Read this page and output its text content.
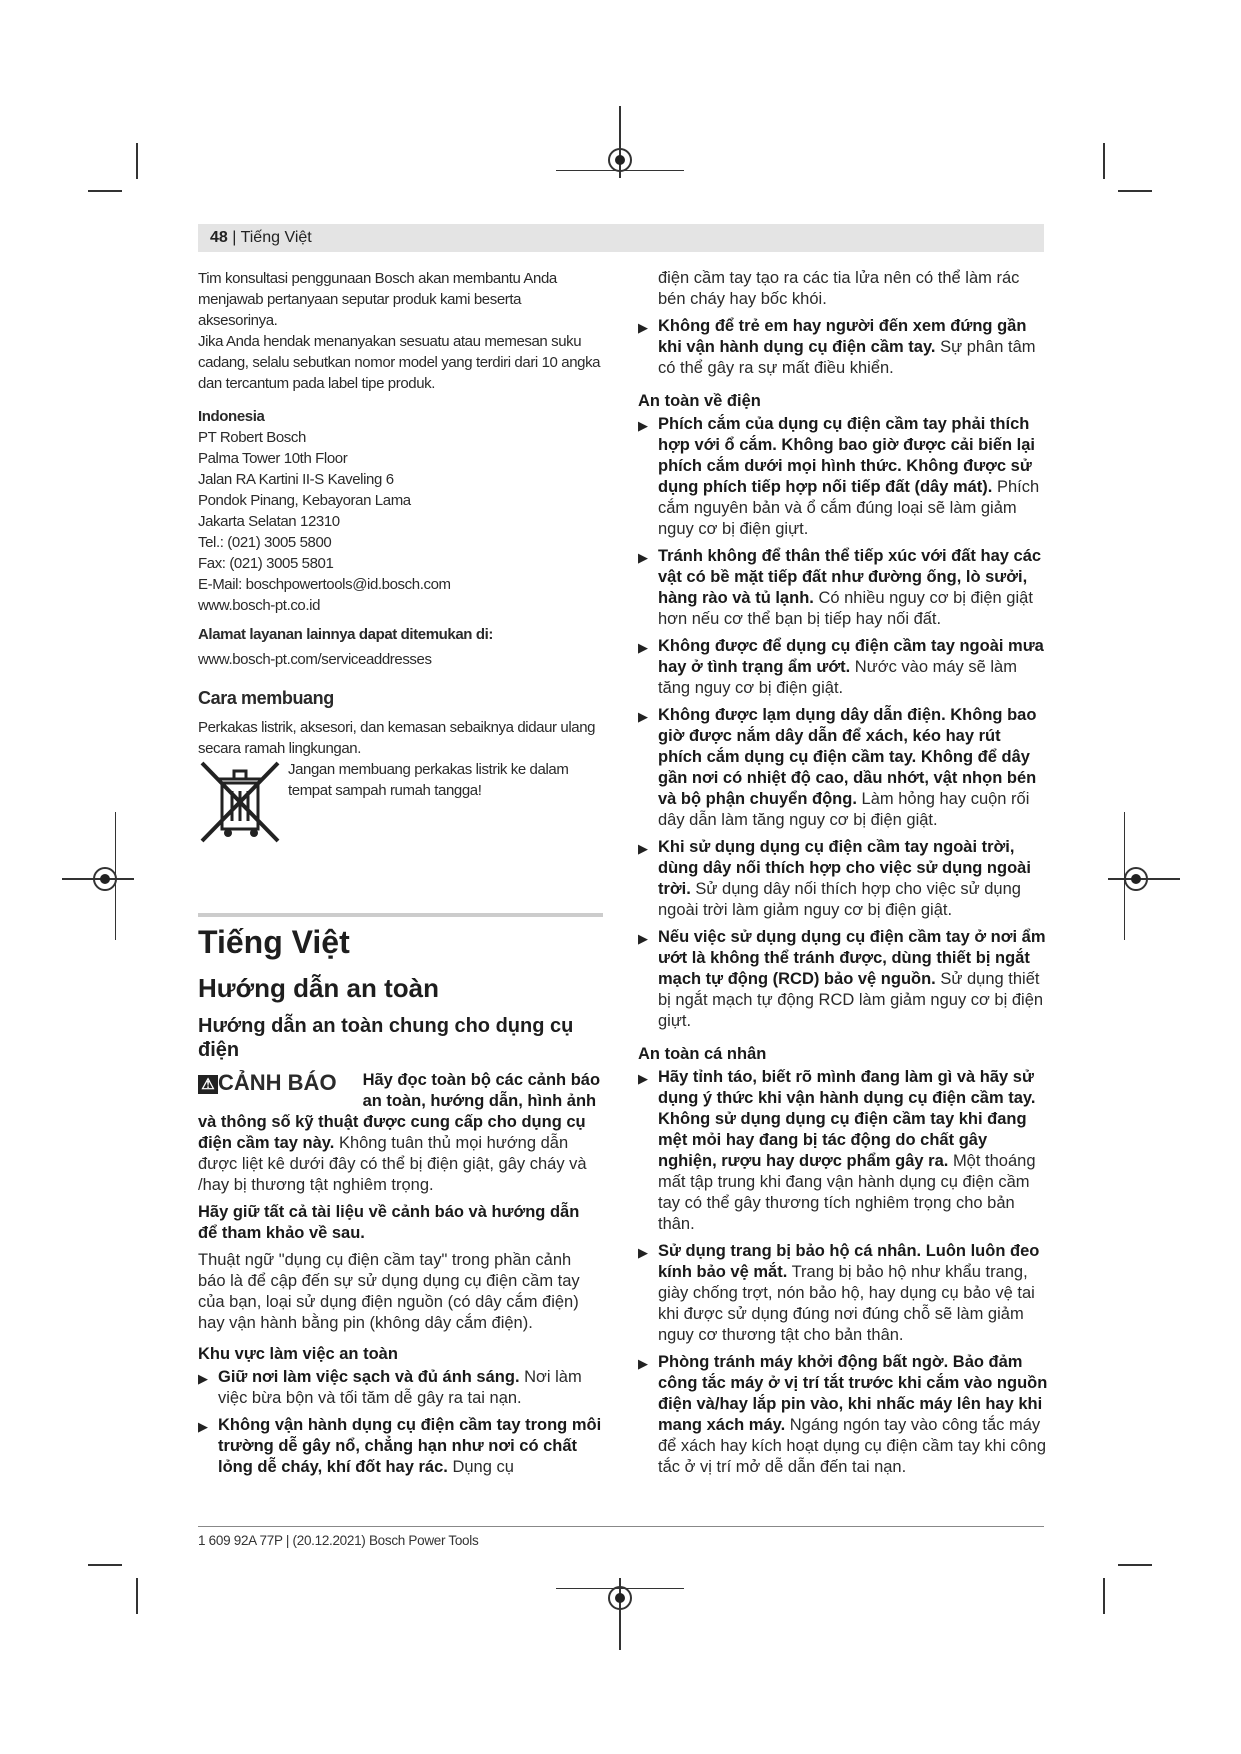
48 | Tiếng Việt

Tim konsultasi penggunaan Bosch akan membantu Anda menjawab pertanyaan seputar produk kami beserta aksesorinya.

Jika Anda hendak menanyakan sesuatu atau memesan suku cadang, selalu sebutkan nomor model yang terdiri dari 10 angka dan tercantum pada label tipe produk.

Indonesia

PT Robert Bosch

Palma Tower 10th Floor

Jalan RA Kartini II-S Kaveling 6

Pondok Pinang, Kebayoran Lama

Jakarta Selatan 12310

Tel.: (021) 3005 5800

Fax: (021) 3005 5801

E-Mail: boschpowertools@id.bosch.com

www.bosch-pt.co.id

Alamat layanan lainnya dapat ditemukan di:

www.bosch-pt.com/serviceaddresses

Cara membuang

Perkakas listrik, aksesori, dan kemasan sebaiknya didaur ulang secara ramah lingkungan.

Jangan membuang perkakas listrik ke dalam tempat sampah rumah tangga!

Tiếng Việt
Hướng dẫn an toàn
Hướng dẫn an toàn chung cho dụng cụ điện
⚠ CẢNH BÁO Hãy đọc toàn bộ các cảnh báo an toàn, hướng dẫn, hình ảnh và thông số kỹ thuật được cung cấp cho dụng cụ điện cầm tay này. Không tuân thủ mọi hướng dẫn được liệt kê dưới đây có thể bị điện giật, gây cháy và /hay bị thương tật nghiêm trọng.

Hãy giữ tất cả tài liệu về cảnh báo và hướng dẫn để tham khảo về sau.

Thuật ngữ "dụng cụ điện cầm tay" trong phần cảnh báo là để cập đến sự sử dụng dụng cụ điện cầm tay của bạn, loại sử dụng điện nguồn (có dây cắm điện) hay vận hành bằng pin (không dây cắm điện).

Khu vực làm việc an toàn
▶ Giữ nơi làm việc sạch và đủ ánh sáng. Nơi làm việc bừa bộn và tối tăm dễ gây ra tai nạn.
▶ Không vận hành dụng cụ điện cầm tay trong môi trường dễ gây nổ, chẳng hạn như nơi có chất lỏng dễ cháy, khí đốt hay rác. Dụng cụ

điện cầm tay tạo ra các tia lửa nên có thể làm rác bén cháy hay bốc khói.

▶ Không để trẻ em hay người đến xem đứng gần khi vận hành dụng cụ điện cầm tay. Sự phân tâm có thể gây ra sự mất điều khiển.
An toàn về điện
▶ Phích cắm của dụng cụ điện cầm tay phải thích hợp với ổ cắm. Không bao giờ được cải biến lại phích cắm dưới mọi hình thức. Không được sử dụng phích tiếp hợp nối tiếp đất (dây mát). Phích cắm nguyên bản và ổ cắm đúng loại sẽ làm giảm nguy cơ bị điện giựt.
▶ Tránh không để thân thể tiếp xúc với đất hay các vật có bề mặt tiếp đất như đường ống, lò sưởi, hàng rào và tủ lạnh. Có nhiều nguy cơ bị điện giật hơn nếu cơ thể bạn bị tiếp hay nối đất.
▶ Không được để dụng cụ điện cầm tay ngoài mưa hay ở tình trạng ẩm ướt. Nước vào máy sẽ làm tăng nguy cơ bị điện giật.
▶ Không được lạm dụng dây dẫn điện. Không bao giờ được nắm dây dẫn để xách, kéo hay rút phích cắm dụng cụ điện cầm tay. Không để dây gần nơi có nhiệt độ cao, dầu nhớt, vật nhọn bén và bộ phận chuyển động. Làm hỏng hay cuộn rối dây dẫn làm tăng nguy cơ bị điện giật.
▶ Khi sử dụng dụng cụ điện cầm tay ngoài trời, dùng dây nối thích hợp cho việc sử dụng ngoài trời. Sử dụng dây nối thích hợp cho việc sử dụng ngoài trời làm giảm nguy cơ bị điện giật.
▶ Nếu việc sử dụng dụng cụ điện cầm tay ở nơi ẩm ướt là không thể tránh được, dùng thiết bị ngắt mạch tự động (RCD) bảo vệ nguồn. Sử dụng thiết bị ngắt mạch tự động RCD làm giảm nguy cơ bị điện giựt.
An toàn cá nhân
▶ Hãy tỉnh táo, biết rõ mình đang làm gì và hãy sử dụng ý thức khi vận hành dụng cụ điện cầm tay. Không sử dụng dụng cụ điện cầm tay khi đang mệt mỏi hay đang bị tác động do chất gây nghiện, rượu hay dược phẩm gây ra. Một thoáng mất tập trung khi đang vận hành dụng cụ điện cầm tay có thể gây thương tích nghiêm trọng cho bản thân.
▶ Sử dụng trang bị bảo hộ cá nhân. Luôn luôn đeo kính bảo vệ mắt. Trang bị bảo hộ như khẩu trang, giày chống trợt, nón bảo hộ, hay dụng cụ bảo vệ tai khi được sử dụng đúng nơi đúng chỗ sẽ làm giảm nguy cơ thương tật cho bản thân.
▶ Phòng tránh máy khởi động bất ngờ. Bảo đảm công tắc máy ở vị trí tắt trước khi cắm vào nguồn điện và/hay lắp pin vào, khi nhấc máy lên hay khi mang xách máy. Ngáng ngón tay vào công tắc máy để xách hay kích hoạt dụng cụ điện cầm tay khi công tắc ở vị trí mở dễ dẫn đến tai nạn.
1 609 92A 77P | (20.12.2021) Bosch Power Tools
